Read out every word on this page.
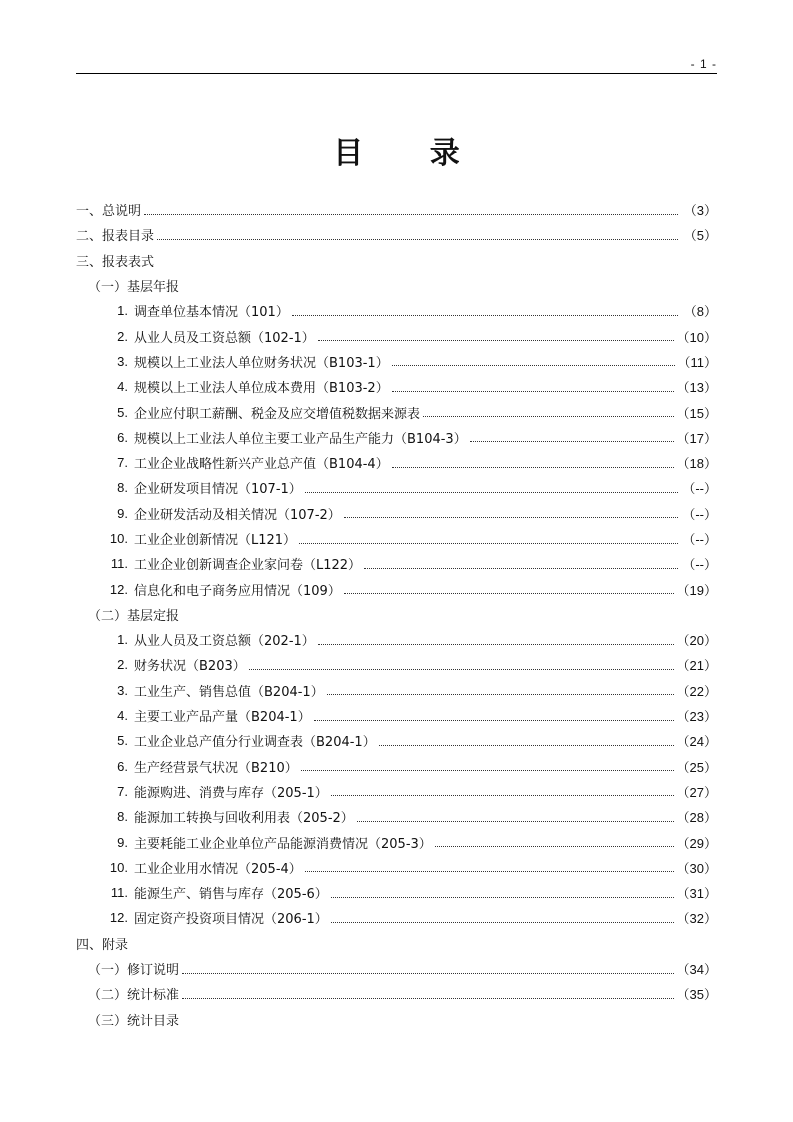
- 1 -
目 录
一、总说明	（3）
二、报表目录	（5）
三、报表表式
（一）基层年报
1. 调查单位基本情况（101）	（8）
2. 从业人员及工资总额（102-1）	（10）
3. 规模以上工业法人单位财务状况（B103-1）	（11）
4. 规模以上工业法人单位成本费用（B103-2）	（13）
5. 企业应付职工薪酬、税金及应交增值税数据来源表	（15）
6. 规模以上工业法人单位主要工业产品生产能力（B104-3）	（17）
7. 工业企业战略性新兴产业总产值（B104-4）	（18）
8. 企业研发项目情况（107-1）	（--）
9. 企业研发活动及相关情况（107-2）	（--）
10. 工业企业创新情况（L121）	（--）
11. 工业企业创新调查企业家问卷（L122）	（--）
12. 信息化和电子商务应用情况（109）	（19）
（二）基层定报
1. 从业人员及工资总额（202-1）	（20）
2. 财务状况（B203）	（21）
3. 工业生产、销售总值（B204-1）	（22）
4. 主要工业产品产量（B204-1）	（23）
5. 工业企业总产值分行业调查表（B204-1）	（24）
6. 生产经营景气状况（B210）	（25）
7. 能源购进、消费与库存（205-1）	（27）
8. 能源加工转换与回收利用表（205-2）	（28）
9. 主要耗能工业企业单位产品能源消费情况（205-3）	（29）
10. 工业企业用水情况（205-4）	（30）
11. 能源生产、销售与库存（205-6）	（31）
12. 固定资产投资项目情况（206-1）	（32）
四、附录
（一）修订说明	（34）
（二）统计标准	（35）
（三）统计目录
